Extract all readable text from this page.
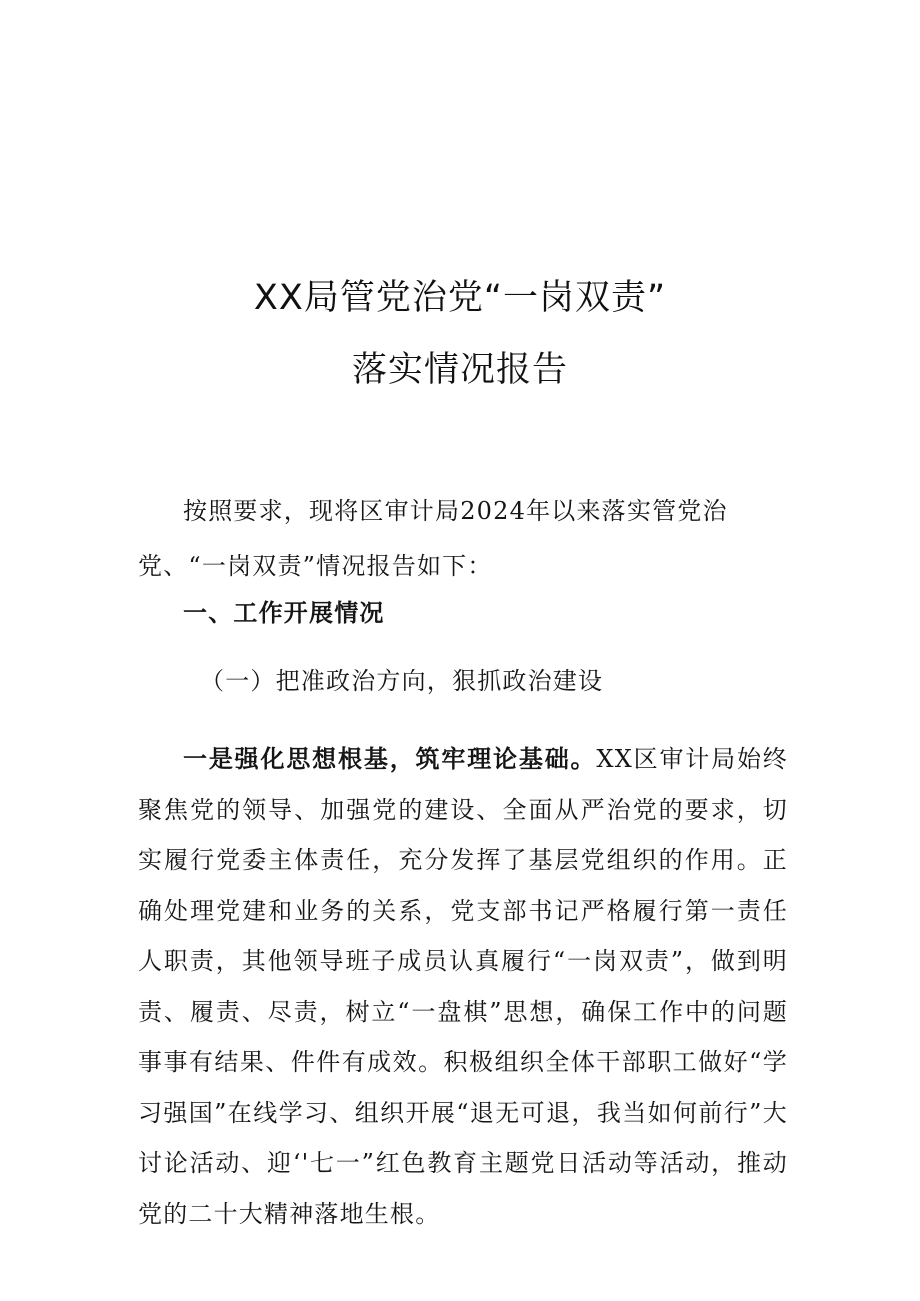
XX局管党治党“一岗双责”
落实情况报告

按照要求，现将区审计局2024年以来落实管党治党、“一岗双责”情况报告如下：

一、工作开展情况
（一）把准政治方向，狠抓政治建设

一是强化思想根基，筑牢理论基础。XX区审计局始终聚焦党的领导、加强党的建设、全面从严治党的要求，切实履行党委主体责任，充分发挥了基层党组织的作用。正确处理党建和业务的关系，党支部书记严格履行第一责任人职责，其他领导班子成员认真履行“一岗双责”，做到明责、履责、尽责，树立“一盘棋”思想，确保工作中的问题事事有结果、件件有成效。积极组织全体干部职工做好“学习强国”在线学习、组织开展“退无可退，我当如何前行”大讨论活动、迎‘'七一”红色教育主题党日活动等活动，推动党的二十大精神落地生根。
